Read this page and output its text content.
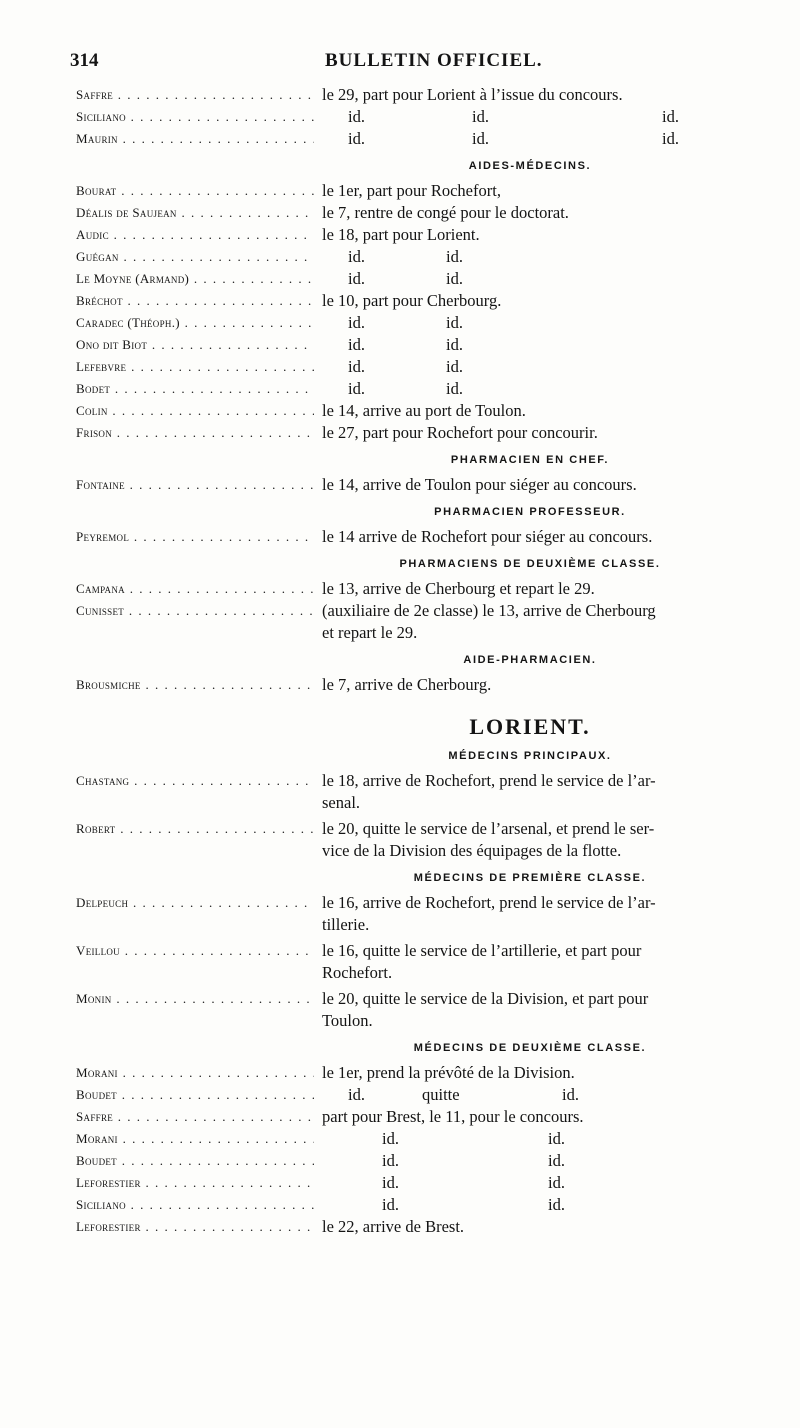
314	BULLETIN OFFICIEL.
Saffre . . .	le 29, part pour Lorient à l’issue du concours.
Siciliano . . .	id.	id.	id.
Maurin . . .	id.	id.	id.
AIDES-MÉDECINS.
Bourat . . .	le 1er, part pour Rochefort,
Déalis de Saujean . . .	le 7, rentre de congé pour le doctorat.
Audic . . .	le 18, part pour Lorient.
Guégan . . .	id.	id.
Le Moyne (Armand) . . .	id.	id.
Bréchot . . .	le 10, part pour Cherbourg.
Caradec (Théoph.) . . .	id.	id.
Ono dit Biot . . .	id.	id.
Lefebvre . . .	id.	id.
Bodet . . .	id.	id.
Colin . . .	le 14, arrive au port de Toulon.
Frison . . .	le 27, part pour Rochefort pour concourir.
PHARMACIEN EN CHEF.
Fontaine . . .	le 14, arrive de Toulon pour siéger au concours.
PHARMACIEN PROFESSEUR.
Peyremol . . .	le 14 arrive de Rochefort pour siéger au concours.
PHARMACIENS DE DEUXIÈME CLASSE.
Campana . . .	le 13, arrive de Cherbourg et repart le 29.
Cunisset . . .	(auxiliaire de 2e classe) le 13, arrive de Cherbourg
et repart le 29.
AIDE-PHARMACIEN.
Brousmiche . . .	le 7, arrive de Cherbourg.
LORIENT.
MÉDECINS PRINCIPAUX.
Chastang . . .	le 18, arrive de Rochefort, prend le service de l’ar-
senal.
Robert . . .	le 20, quitte le service de l’arsenal, et prend le ser-
vice de la Division des équipages de la flotte.
MÉDECINS DE PREMIÈRE CLASSE.
Delpeuch . . .	le 16, arrive de Rochefort, prend le service de l’ar-
tillerie.
Veillou . . .	le 16, quitte le service de l’artillerie, et part pour
Rochefort.
Monin . . .	le 20, quitte le service de la Division, et part pour
Toulon.
MÉDECINS DE DEUXIÈME CLASSE.
Morani . . .	le 1er, prend la prévôté de la Division.
Boudet . . .	id.	quitte	id.
Saffre . . .	part pour Brest, le 11, pour le concours.
Morani . . .	id.	id.
Boudet . . .	id.	id.
Leforestier . . .	id.	id.
Siciliano . . .	id.	id.
Leforestier . . .	le 22, arrive de Brest.
